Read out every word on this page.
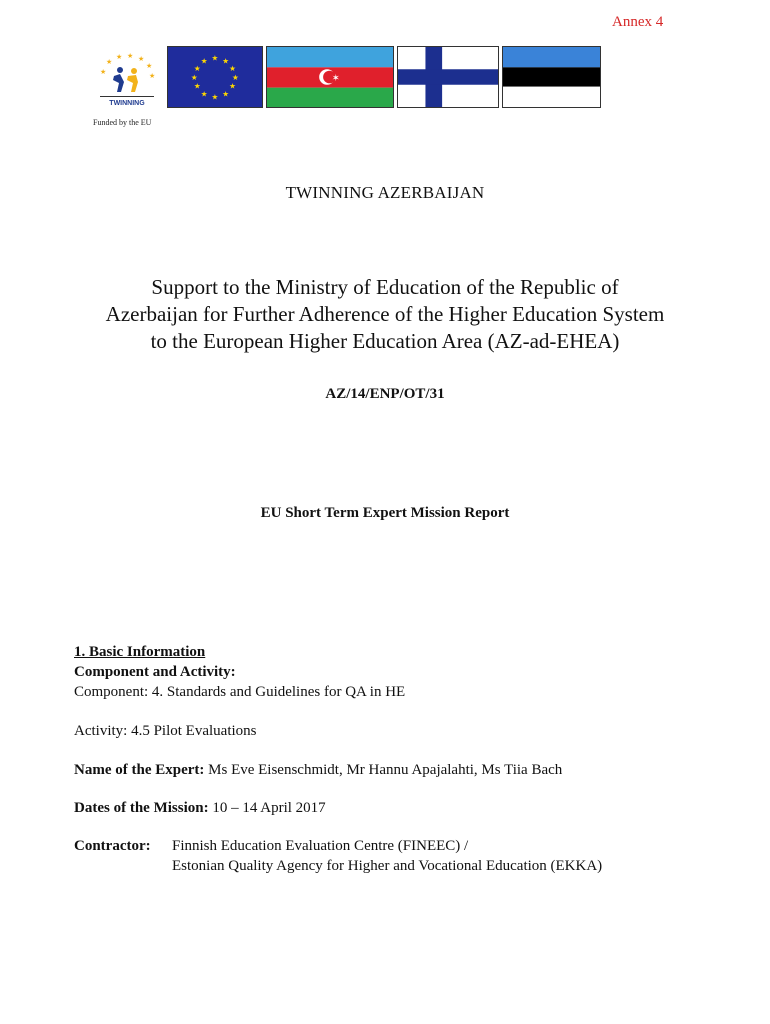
Annex 4
★
★
★ ★ ★
★
★
TWINNING
Funded by the EU
★ ★
★
★
★
★
★
★
★
★
★
★
✶
TWINNING AZERBAIJAN
Support to the Ministry of Education of the Republic of
Azerbaijan for Further Adherence of the Higher Education System
to the European Higher Education Area (AZ-ad-EHEA)
AZ/14/ENP/OT/31
EU Short Term Expert Mission Report
1. Basic Information
Component and Activity:
Component: 4. Standards and Guidelines for QA in HE
Activity: 4.5 Pilot Evaluations
Name of the Expert: Ms Eve Eisenschmidt, Mr Hannu Apajalahti, Ms Tiia Bach
Dates of the Mission: 10 – 14 April 2017
Contractor:	Finnish Education Evaluation Centre (FINEEC) /
Estonian Quality Agency for Higher and Vocational Education (EKKA)
